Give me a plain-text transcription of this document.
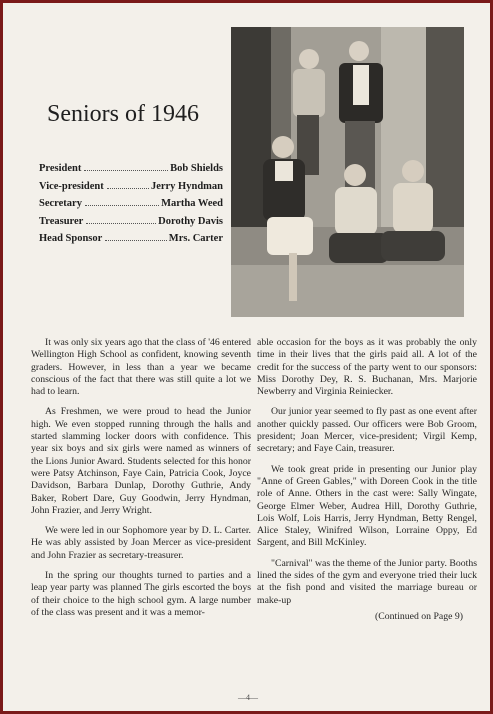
Seniors of 1946
President	Bob Shields
Vice-president	Jerry Hyndman
Secretary	Martha Weed
Treasurer	Dorothy Davis
Head Sponsor	Mrs. Carter

It was only six years ago that the class of '46 entered Wellington High School as confident, knowing seventh graders. However, in less than a year we became conscious of the fact that there was still quite a lot we had to learn.

As Freshmen, we were proud to head the Junior high. We even stopped running through the halls and started slamming locker doors with confidence. This year six boys and six girls were named as winners of the Lions Junior Award. Students selected for this honor were Patsy Atchinson, Faye Cain, Patricia Cook, Joyce Davidson, Barbara Dunlap, Dorothy Guthrie, Andy Baker, Robert Dare, Guy Goodwin, Jerry Hyndman, John Frazier, and Jerry Wright.

We were led in our Sophomore year by D. L. Carter. He was ably assisted by Joan Mercer as vice-president and John Frazier as secretary-treasurer.

In the spring our thoughts turned to parties and a leap year party was planned The girls escorted the boys of their choice to the high school gym. A large number of the class was present and it was a memor-

able occasion for the boys as it was probably the only time in their lives that the girls paid all. A lot of the credit for the success of the party went to our sponsors: Miss Dorothy Dey, R. S. Buchanan, Mrs. Marjorie Newberry and Virginia Reiniecker.

Our junior year seemed to fly past as one event after another quickly passed. Our officers were Bob Groom, president; Joan Mercer, vice-president; Virgil Kemp, secretary; and Faye Cain, treasurer.

We took great pride in presenting our Junior play "Anne of Green Gables," with Doreen Cook in the title role of Anne. Others in the cast were: Sally Wingate, George Elmer Weber, Audrea Hill, Dorothy Guthrie, Lois Wolf, Lois Harris, Jerry Hyndman, Betty Rengel, Alice Staley, Winifred Wilson, Lorraine Oppy, Ed Sargent, and Bill McKinley.

"Carnival" was the theme of the Junior party. Booths lined the sides of the gym and everyone tried their luck at the fish pond and visited the marriage bureau or make-up

(Continued on Page 9)
—4—
